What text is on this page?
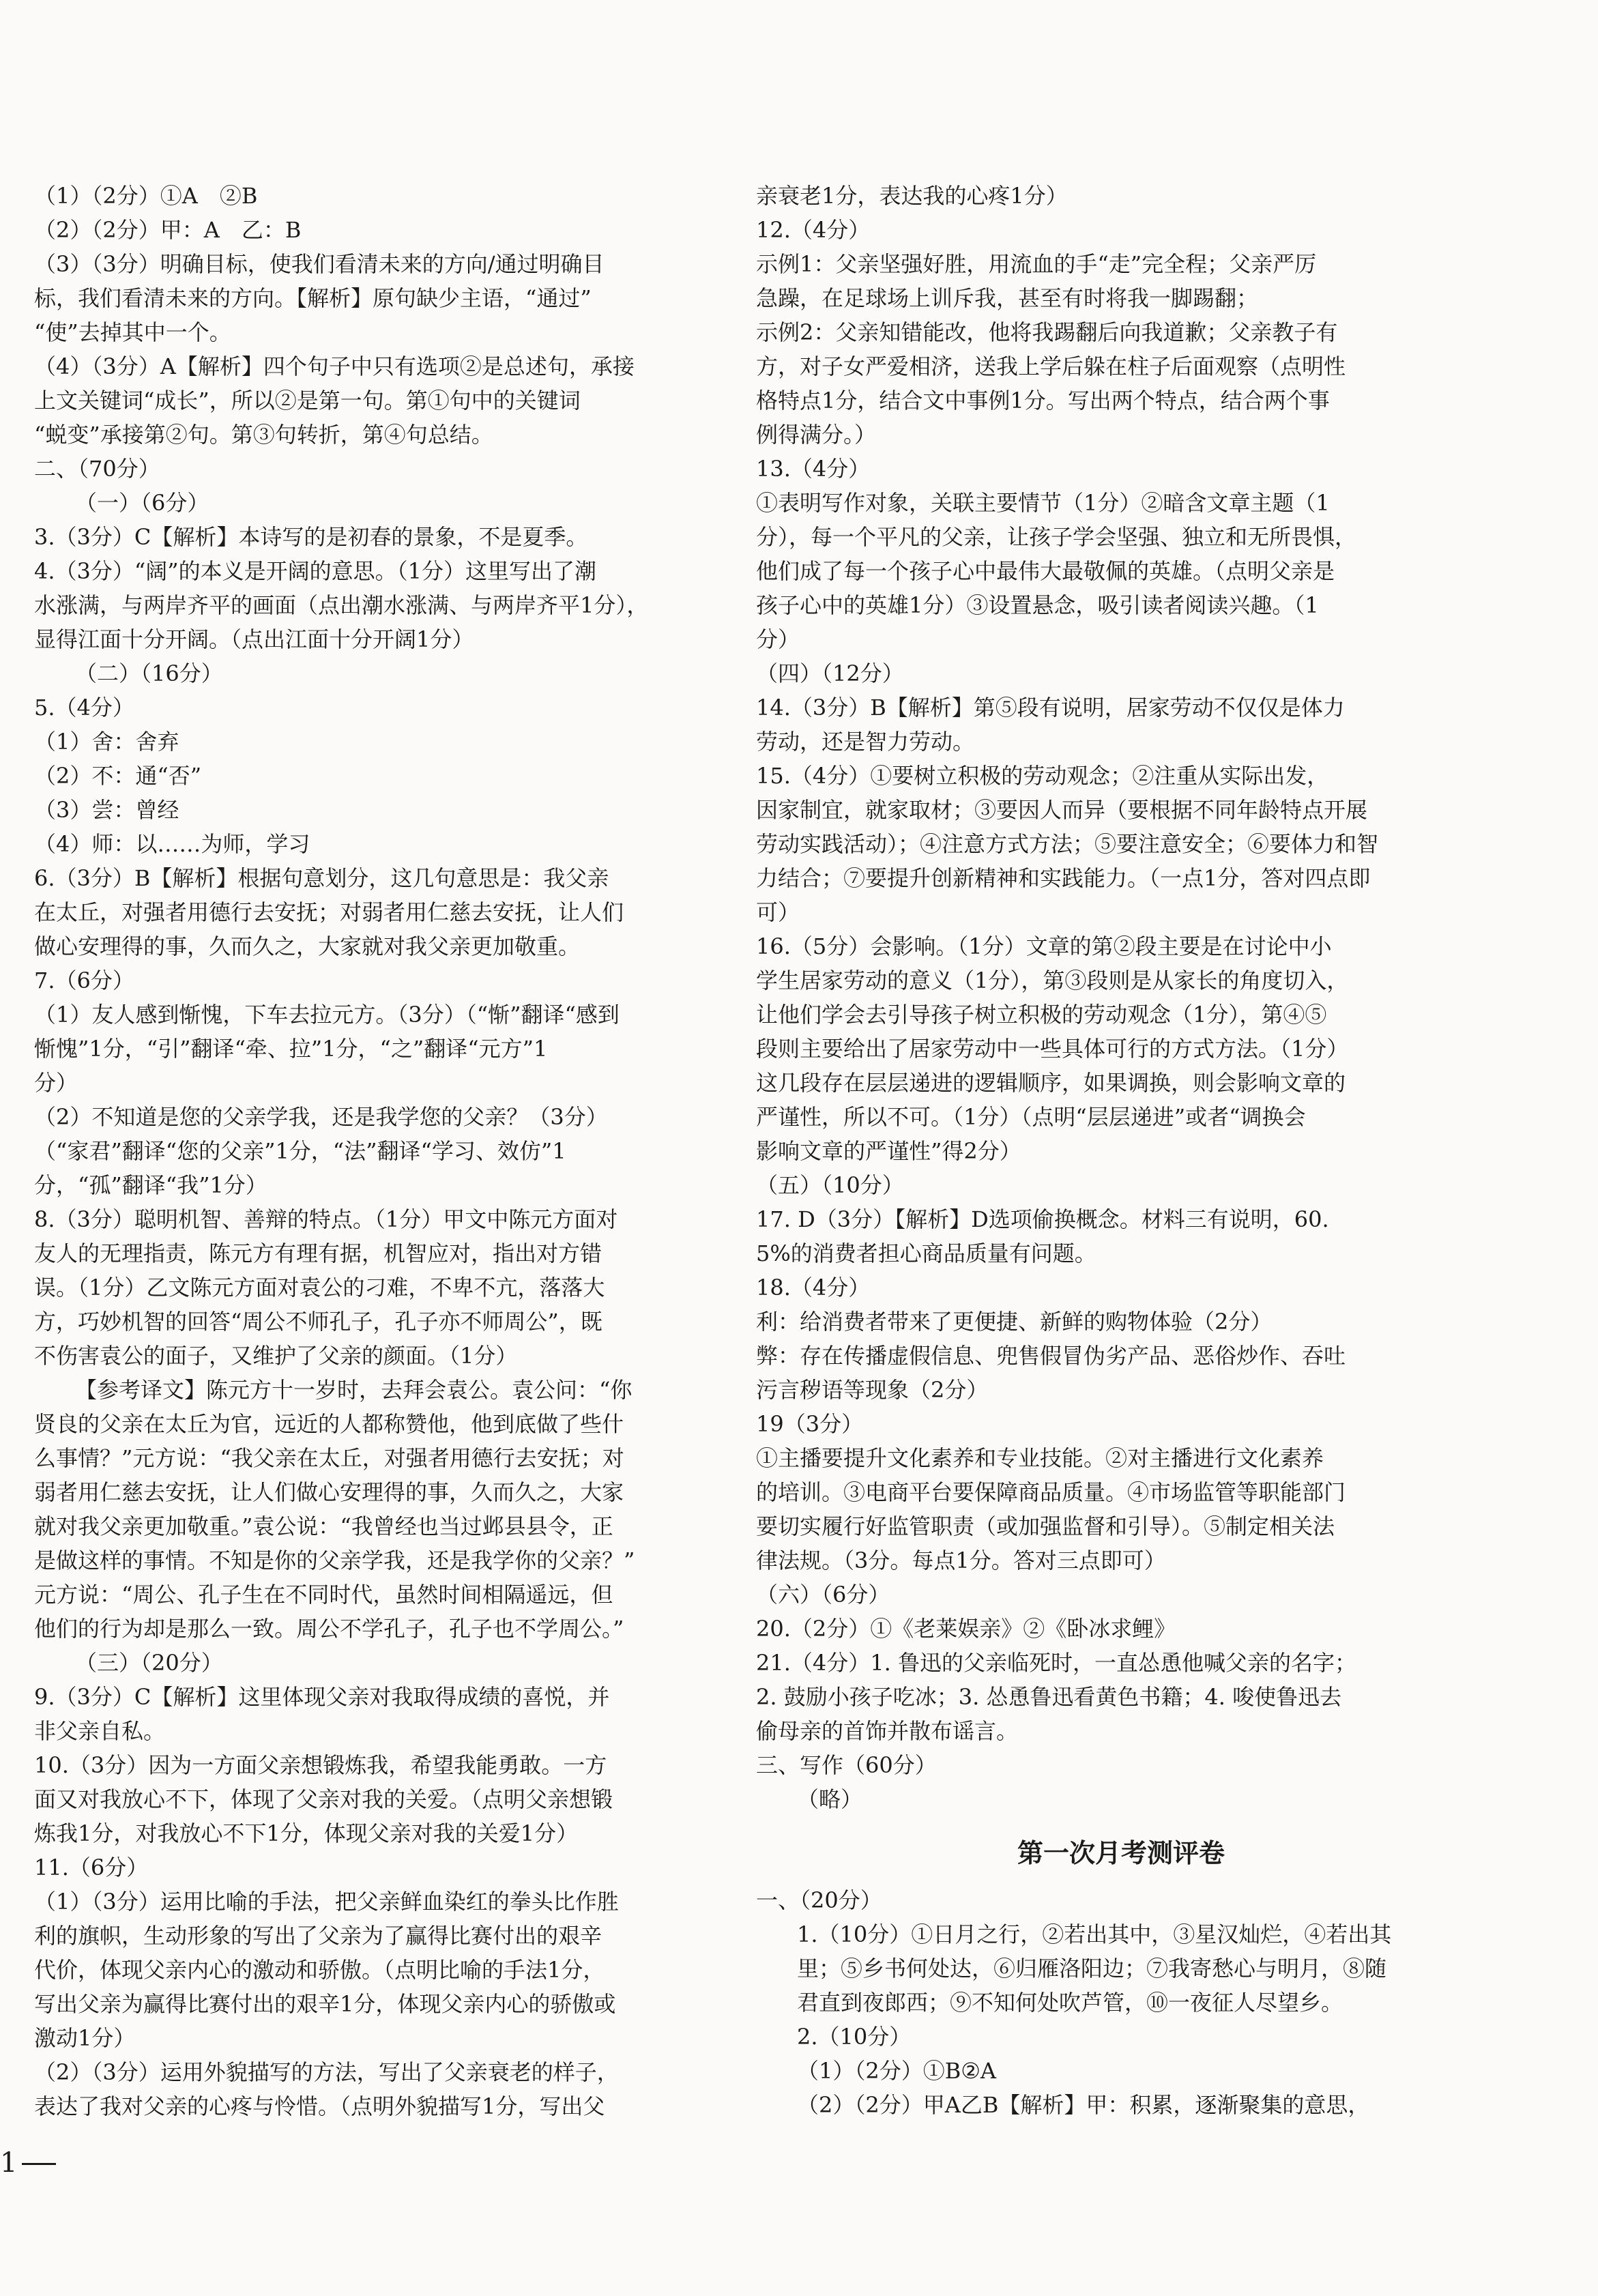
（1）（2分）①A　②B
（2）（2分）甲：A　乙：B
（3）（3分）明确目标，使我们看清未来的方向/通过明确目
标，我们看清未来的方向。【解析】原句缺少主语，“通过”
“使”去掉其中一个。
（4）（3分）A【解析】四个句子中只有选项②是总述句，承接
上文关键词“成长”，所以②是第一句。第①句中的关键词
“蜕变”承接第②句。第③句转折，第④句总结。
二、（70分）
（一）（6分）
3.（3分）C【解析】本诗写的是初春的景象，不是夏季。
4.（3分）“阔”的本义是开阔的意思。（1分）这里写出了潮
水涨满，与两岸齐平的画面（点出潮水涨满、与两岸齐平1分），
显得江面十分开阔。（点出江面十分开阔1分）
（二）（16分）
5.（4分）
（1）舍：舍弃
（2）不：通“否”
（3）尝：曾经
（4）师：以……为师，学习
6.（3分）B【解析】根据句意划分，这几句意思是：我父亲
在太丘，对强者用德行去安抚；对弱者用仁慈去安抚，让人们
做心安理得的事，久而久之，大家就对我父亲更加敬重。
7.（6分）
（1）友人感到惭愧，下车去拉元方。（3分）（“惭”翻译“感到
惭愧”1分，“引”翻译“牵、拉”1分，“之”翻译“元方”1
分）
（2）不知道是您的父亲学我，还是我学您的父亲？（3分）
（“家君”翻译“您的父亲”1分，“法”翻译“学习、效仿”1
分，“孤”翻译“我”1分）
8.（3分）聪明机智、善辩的特点。（1分）甲文中陈元方面对
友人的无理指责，陈元方有理有据，机智应对，指出对方错
误。（1分）乙文陈元方面对袁公的刁难，不卑不亢，落落大
方，巧妙机智的回答“周公不师孔子，孔子亦不师周公”，既
不伤害袁公的面子，又维护了父亲的颜面。（1分）
【参考译文】陈元方十一岁时，去拜会袁公。袁公问：“你
贤良的父亲在太丘为官，远近的人都称赞他，他到底做了些什
么事情？”元方说：“我父亲在太丘，对强者用德行去安抚；对
弱者用仁慈去安抚，让人们做心安理得的事，久而久之，大家
就对我父亲更加敬重。”袁公说：“我曾经也当过邺县县令，正
是做这样的事情。不知是你的父亲学我，还是我学你的父亲？”
元方说：“周公、孔子生在不同时代，虽然时间相隔遥远，但
他们的行为却是那么一致。周公不学孔子，孔子也不学周公。”
（三）（20分）
9.（3分）C【解析】这里体现父亲对我取得成绩的喜悦，并
非父亲自私。
10.（3分）因为一方面父亲想锻炼我，希望我能勇敢。一方
面又对我放心不下，体现了父亲对我的关爱。（点明父亲想锻
炼我1分，对我放心不下1分，体现父亲对我的关爱1分）
11.（6分）
（1）（3分）运用比喻的手法，把父亲鲜血染红的拳头比作胜
利的旗帜，生动形象的写出了父亲为了赢得比赛付出的艰辛
代价，体现父亲内心的激动和骄傲。（点明比喻的手法1分，
写出父亲为赢得比赛付出的艰辛1分，体现父亲内心的骄傲或
激动1分）
（2）（3分）运用外貌描写的方法，写出了父亲衰老的样子，
表达了我对父亲的心疼与怜惜。（点明外貌描写1分，写出父
亲衰老1分，表达我的心疼1分）
12.（4分）
示例1：父亲坚强好胜，用流血的手“走”完全程；父亲严厉
急躁，在足球场上训斥我，甚至有时将我一脚踢翻；
示例2：父亲知错能改，他将我踢翻后向我道歉；父亲教子有
方，对子女严爱相济，送我上学后躲在柱子后面观察（点明性
格特点1分，结合文中事例1分。写出两个特点，结合两个事
例得满分。）
13.（4分）
①表明写作对象，关联主要情节（1分）②暗含文章主题（1
分），每一个平凡的父亲，让孩子学会坚强、独立和无所畏惧，
他们成了每一个孩子心中最伟大最敬佩的英雄。（点明父亲是
孩子心中的英雄1分）③设置悬念，吸引读者阅读兴趣。（1
分）
（四）（12分）
14.（3分）B【解析】第⑤段有说明，居家劳动不仅仅是体力
劳动，还是智力劳动。
15.（4分）①要树立积极的劳动观念；②注重从实际出发，
因家制宜，就家取材；③要因人而异（要根据不同年龄特点开展
劳动实践活动）；④注意方式方法；⑤要注意安全；⑥要体力和智
力结合；⑦要提升创新精神和实践能力。（一点1分，答对四点即
可）
16.（5分）会影响。（1分）文章的第②段主要是在讨论中小
学生居家劳动的意义（1分），第③段则是从家长的角度切入，
让他们学会去引导孩子树立积极的劳动观念（1分），第④⑤
段则主要给出了居家劳动中一些具体可行的方式方法。（1分）
这几段存在层层递进的逻辑顺序，如果调换，则会影响文章的
严谨性，所以不可。（1分）（点明“层层递进”或者“调换会
影响文章的严谨性”得2分）
（五）（10分）
17. D（3分）【解析】D选项偷换概念。材料三有说明，60.
5%的消费者担心商品质量有问题。
18.（4分）
利：给消费者带来了更便捷、新鲜的购物体验（2分）
弊：存在传播虚假信息、兜售假冒伪劣产品、恶俗炒作、吞吐
污言秽语等现象（2分）
19（3分）
①主播要提升文化素养和专业技能。②对主播进行文化素养
的培训。③电商平台要保障商品质量。④市场监管等职能部门
要切实履行好监管职责（或加强监督和引导）。⑤制定相关法
律法规。（3分。每点1分。答对三点即可）
（六）（6分）
20.（2分）①《老莱娱亲》②《卧冰求鲤》
21.（4分）1. 鲁迅的父亲临死时，一直怂恿他喊父亲的名字；
2. 鼓励小孩子吃冰；3. 怂恿鲁迅看黄色书籍；4. 唆使鲁迅去
偷母亲的首饰并散布谣言。
三、写作（60分）
（略）
第一次月考测评卷
一、（20分）
1.（10分）①日月之行，②若出其中，③星汉灿烂，④若出其
里；⑤乡书何处达，⑥归雁洛阳边；⑦我寄愁心与明月，⑧随
君直到夜郎西；⑨不知何处吹芦管，⑩一夜征人尽望乡。
2.（10分）
（1）（2分）①B②A
（2）（2分）甲A乙B【解析】甲：积累，逐渐聚集的意思，
1
